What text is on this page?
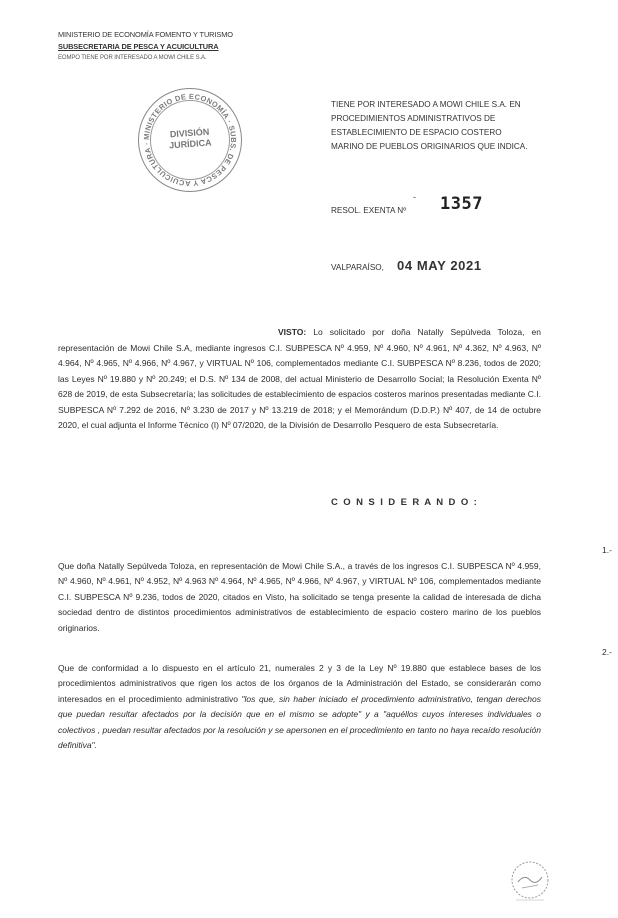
MINISTERIO DE ECONOMÍA FOMENTO Y TURISMO
SUBSECRETARIA DE PESCA Y ACUICULTURA
EOMPO TIENE POR INTERESADO A MOWI CHILE S.A.
MINISTERIO DE ECONOMÍA · SUBS. DE PESCA Y ACUICULTURA ·
DIVISIÓN
JURÍDICA
TIENE POR INTERESADO A MOWI CHILE S.A. EN
PROCEDIMIENTOS ADMINISTRATIVOS DE
ESTABLECIMIENTO DE ESPACIO COSTERO
MARINO DE PUEBLOS ORIGINARIOS QUE INDICA.
RESOL. EXENTA Nº
- 1357
VALPARAÍSO, 04 MAY 2021
VISTO: Lo solicitado por doña Natally Sepúlveda Toloza, en representación de Mowi Chile S.A, mediante ingresos C.I. SUBPESCA Nº 4.959, Nº 4.960, Nº 4.961, Nº 4.362, Nº 4.963, Nº 4.964, Nº 4.965, Nº 4.966, Nº 4.967, y VIRTUAL Nº 106, complementados mediante C.I. SUBPESCA Nº 8.236, todos de 2020; las Leyes Nº 19.880 y Nº 20.249; el D.S. Nº 134 de 2008, del actual Ministerio de Desarrollo Social; la Resolución Exenta Nº 628 de 2019, de esta Subsecretaría; las solicitudes de establecimiento de espacios costeros marinos presentadas mediante C.I. SUBPESCA Nº 7.292 de 2016, Nº 3.230 de 2017 y Nº 13.219 de 2018; y el Memorándum (D.D.P.) Nº 407, de 14 de octubre 2020, el cual adjunta el Informe Técnico (I) Nº 07/2020, de la División de Desarrollo Pesquero de esta Subsecretaría.
C O N S I D E R A N D O :
1.-Que doña Natally Sepúlveda Toloza, en representación de Mowi Chile S.A., a través de los ingresos C.I. SUBPESCA Nº 4.959, Nº 4.960, Nº 4.961, Nº 4.952, Nº 4.963 Nº 4.964, Nº 4.965, Nº 4.966, Nº 4.967, y VIRTUAL Nº 106, complementados mediante C.I. SUBPESCA Nº 9.236, todos de 2020, citados en Visto, ha solicitado se tenga presente la calidad de interesada de dicha sociedad dentro de distintos procedimientos administrativos de establecimiento de espacio costero marino de los pueblos originarios.
2.-Que de conformidad a lo dispuesto en el artículo 21, numerales 2 y 3 de la Ley Nº 19.880 que establece bases de los procedimientos administrativos que rigen los actos de los órganos de la Administración del Estado, se considerarán como interesados en el procedimiento administrativo "los que, sin haber iniciado el procedimiento administrativo, tengan derechos que puedan resultar afectados por la decisión que en el mismo se adopte" y a "aquéllos cuyos intereses individuales o colectivos , puedan resultar afectados por la resolución y se apersonen en el procedimiento en tanto no haya recaído resolución definitiva".
